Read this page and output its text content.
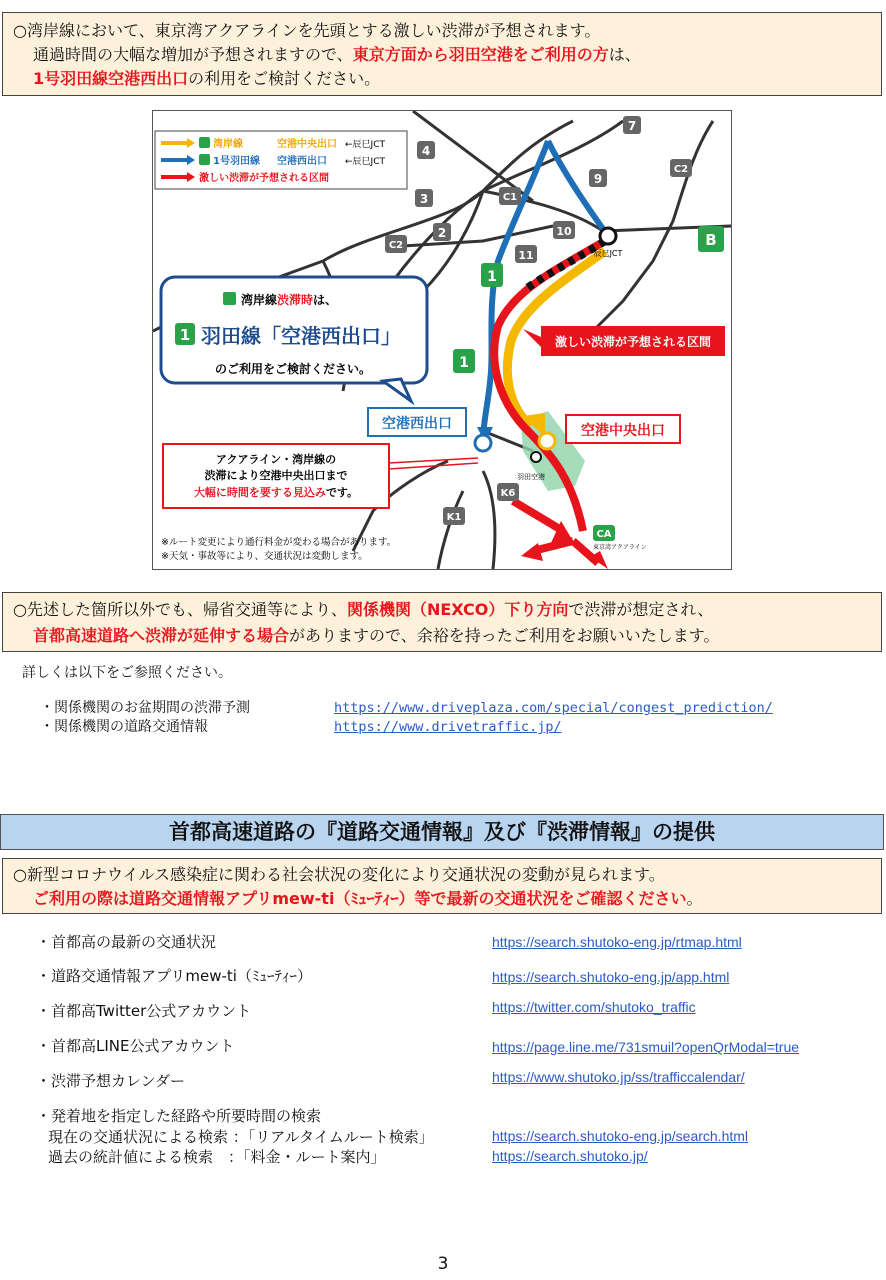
○湾岸線において、東京湾アクアラインを先頭とする激しい渋滞が予想されます。
通過時間の大幅な増加が予想されますので、東京方面から羽田空港をご利用の方は、
1号羽田線空港西出口の利用をご検討ください。
辰巳JCT
羽田空港
7
4
C2
9
C1
3
2
C2
10
11
1
1
B
K6
K1
CA
東京湾アクアライン
湾岸線	空港中央出口 ←辰巳JCT
1号羽田線 空港西出口 ←辰巳JCT
激しい渋滞が予想される区間
湾岸線渋滞時は、
1 羽田線「空港西出口」
のご利用をご検討ください。
激しい渋滞が予想される区間
空港西出口	空港中央出口
アクアライン・湾岸線の
渋滞により空港中央出口まで
大幅に時間を要する見込みです。
※ルート変更により通行料金が変わる場合があります。
※天気・事故等により、交通状況は変動します。
○先述した箇所以外でも、帰省交通等により、関係機関（NEXCO）下り方向で渋滞が想定され、
首都高速道路へ渋滞が延伸する場合がありますので、余裕を持ったご利用をお願いいたします。
詳しくは以下をご参照ください。
・関係機関のお盆期間の渋滞予測	https://www.driveplaza.com/special/congest_prediction/
・関係機関の道路交通情報	https://www.drivetraffic.jp/
首都高速道路の『道路交通情報』及び『渋滞情報』の提供
○新型コロナウイルス感染症に関わる社会状況の変化により交通状況の変動が見られます。
ご利用の際は道路交通情報アプリmew-ti（ﾐｭｰﾃｨｰ）等で最新の交通状況をご確認ください。
・首都高の最新の交通状況	https://search.shutoko-eng.jp/rtmap.html
・道路交通情報アプリmew-ti（ﾐｭｰﾃｨｰ）	https://search.shutoko-eng.jp/app.html
・首都高Twitter公式アカウント	https://twitter.com/shutoko_traffic
・首都高LINE公式アカウント	https://page.line.me/731smuil?openQrModal=true
・渋滞予想カレンダー	https://www.shutoko.jp/ss/trafficcalendar/
・発着地を指定した経路や所要時間の検索
現在の交通状況による検索 ：「リアルタイムルート検索」	https://search.shutoko-eng.jp/search.html
過去の統計値による検索　：「料金・ルート案内」	https://search.shutoko.jp/
3
